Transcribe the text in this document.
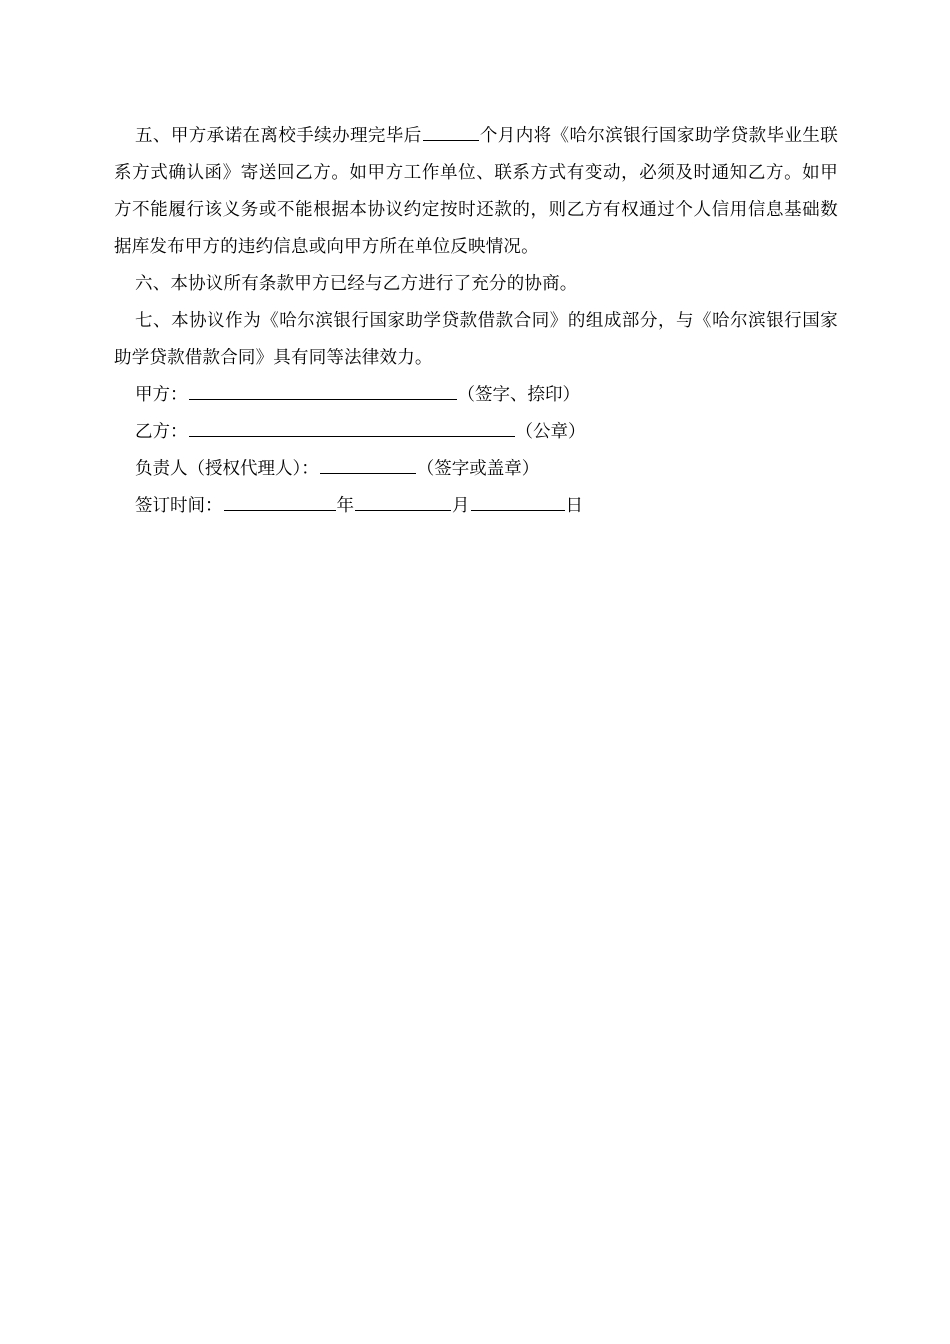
五、甲方承诺在离校手续办理完毕后	个月内将《哈尔滨银行国家助学贷款毕业生联系方式确认函》寄送回乙方。如甲方工作单位、联系方式有变动，必须及时通知乙方。如甲方不能履行该义务或不能根据本协议约定按时还款的，则乙方有权通过个人信用信息基础数据库发布甲方的违约信息或向甲方所在单位反映情况。

六、本协议所有条款甲方已经与乙方进行了充分的协商。

七、本协议作为《哈尔滨银行国家助学贷款借款合同》的组成部分，与《哈尔滨银行国家助学贷款借款合同》具有同等法律效力。

甲方：	（签字、捺印）

乙方：	（公章）

负责人（授权代理人）：	（签字或盖章）

签订时间：	年	月	日
